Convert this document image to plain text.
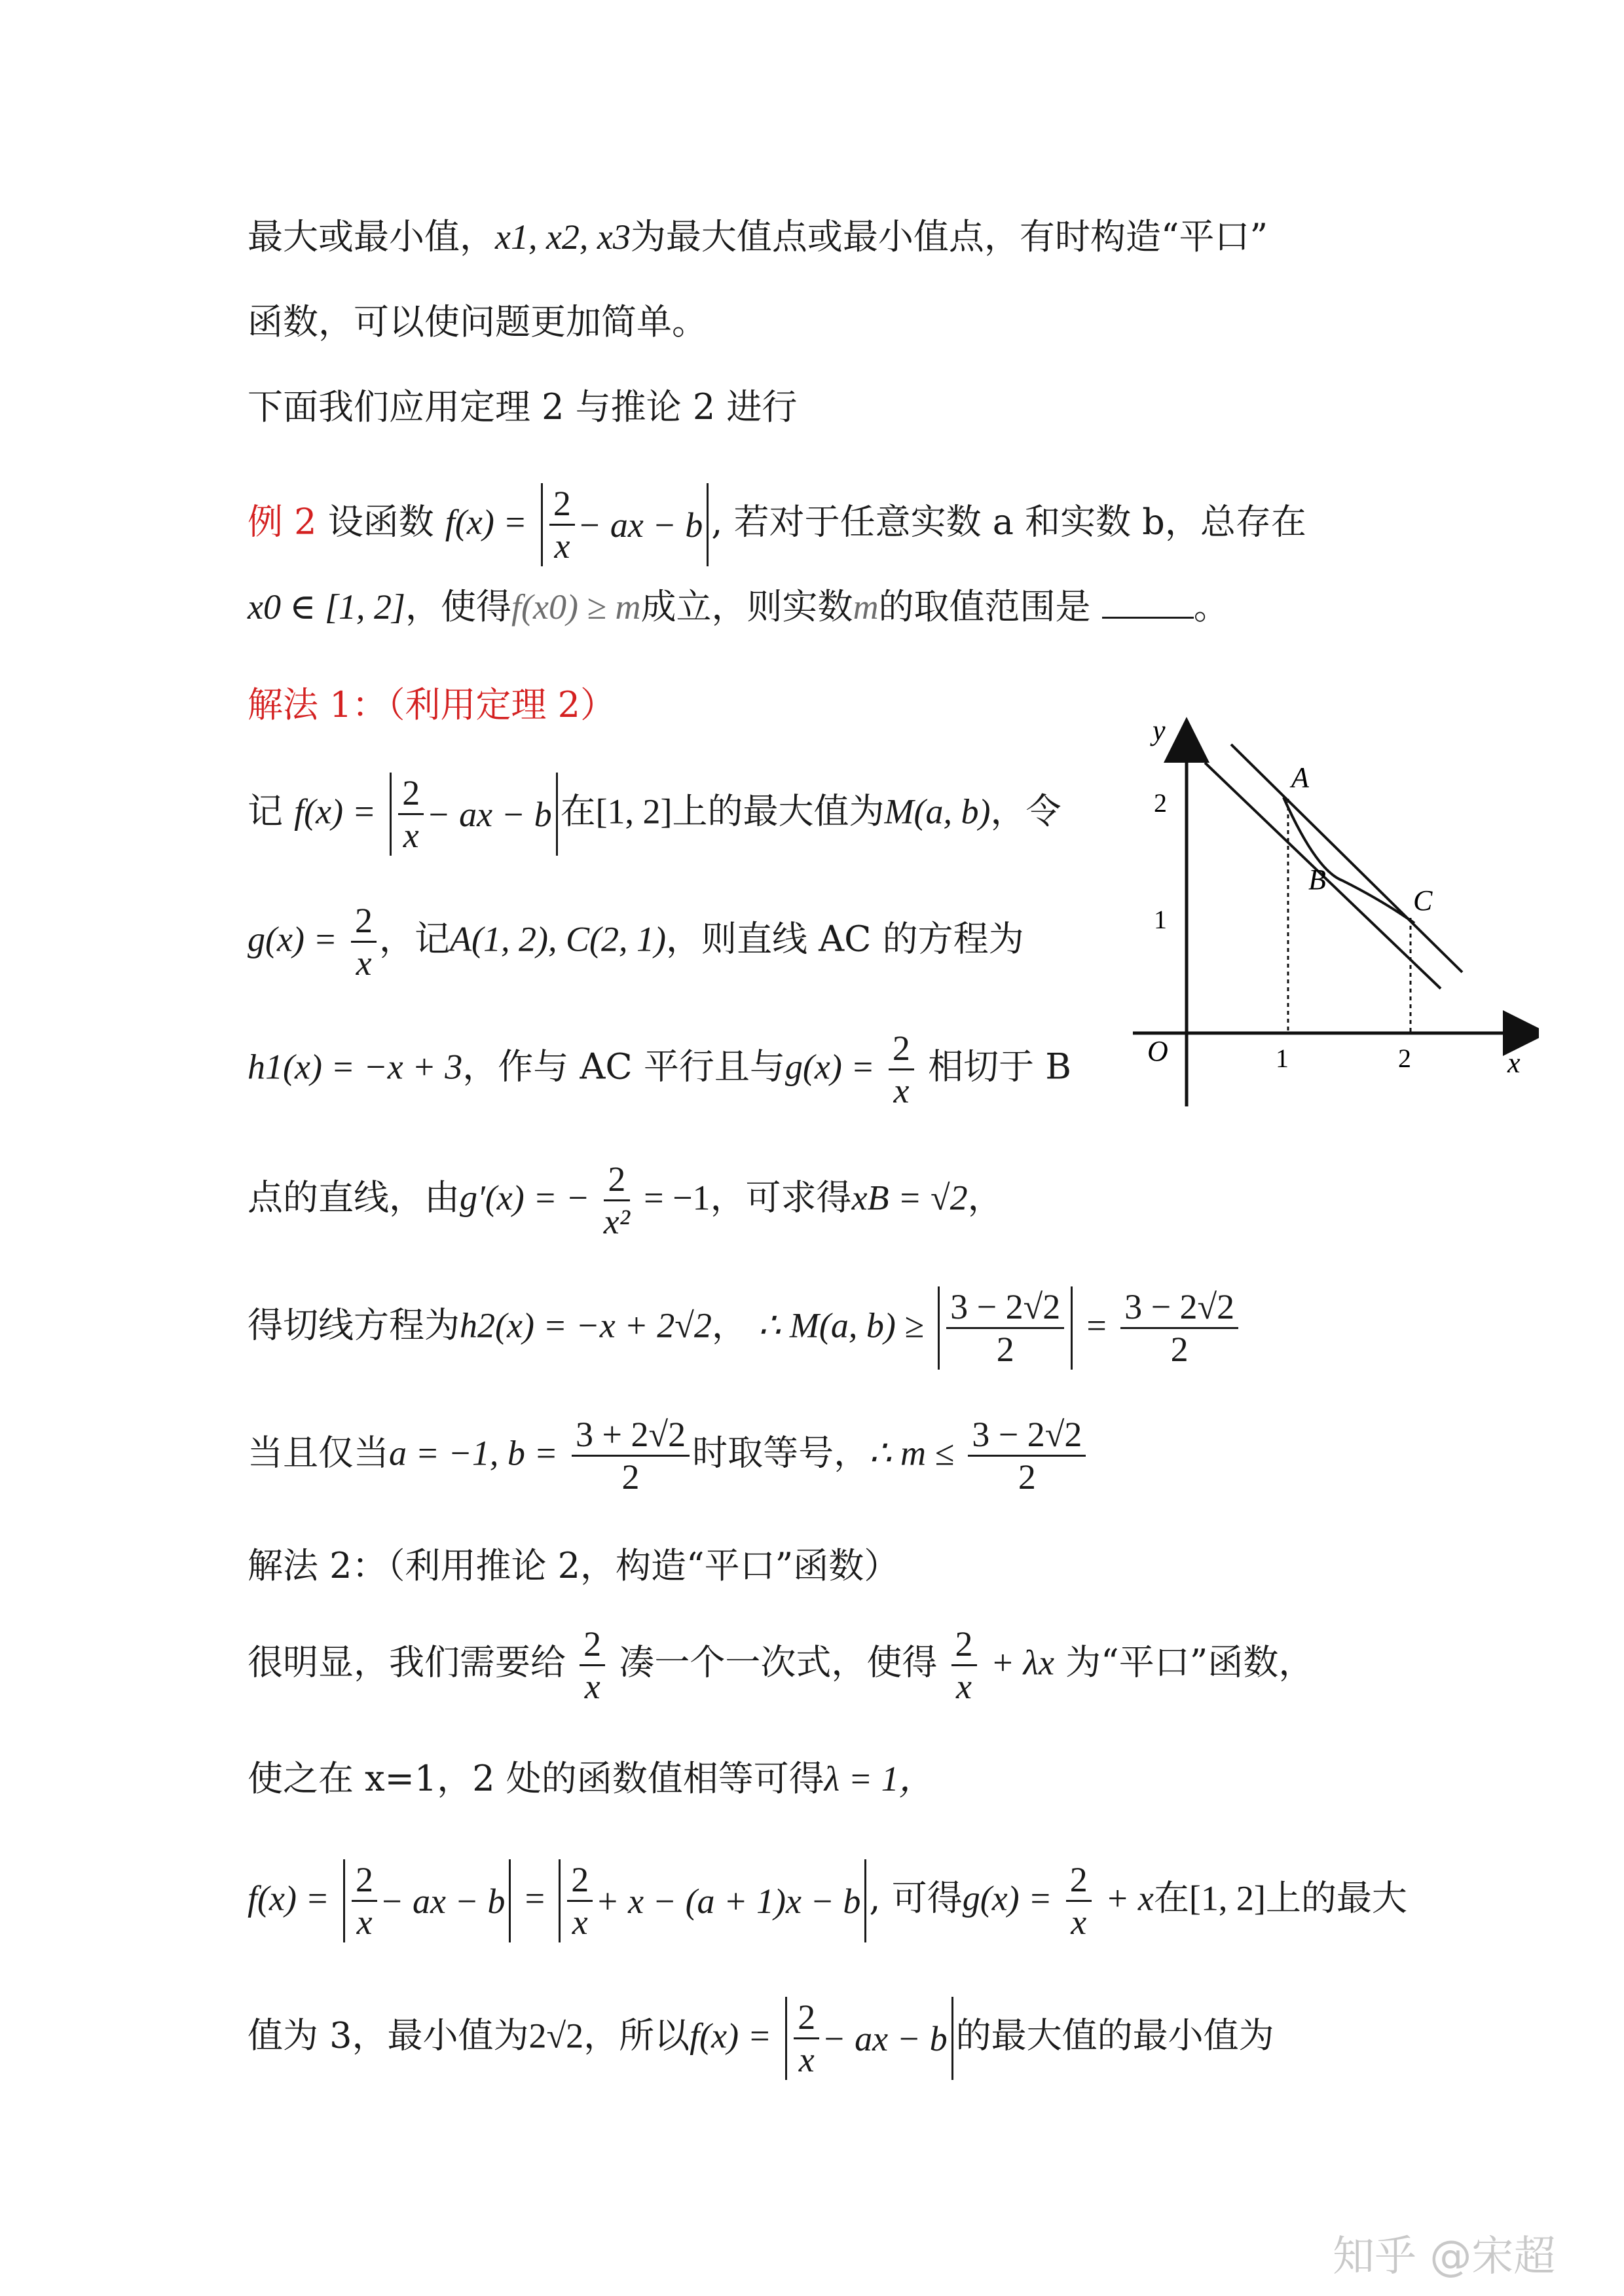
最大或最小值，x1, x2, x3为最大值点或最小值点，有时构造“平口”
函数，可以使问题更加简单。
下面我们应用定理 2 与推论 2 进行
例 2 设函数 $f(x) = \frac{2}{x}$ − ax − b , 若对于任意实数 a 和实数 b，总存在
x0 ∈ [1, 2]，使得f(x0) ≥ m成立，则实数m的取值范围是	。
解法 1：（利用定理 2）
记 $f(x) = \frac{2}{x}$ − ax − b 在[1, 2]上的最大值为M(a, b)，令
$g(x) = \frac{2}{x}$ ，记A(1, 2), C(2, 1)，则直线 AC 的方程为
h1(x) = −x + 3，作与 AC 平行且与$g(x) = \frac{2}{x}$ 相切于 B
点的直线，由g′(x) = − $\frac{2}{\text{x²}} = -1$，可求得xB = √2，
得切线方程为h2(x) = −x + 2√2， ∴ M(a, $b) \ge \frac{3 - 2√2}{2} = \frac{3 - 2√2}{2}$
当且仅当a = −1, $b = \frac{3 + 2√2}{2}$ 时取等号，∴ $m \le \frac{3 - 2√2}{2}$
解法 2：（利用推论 2，构造“平口”函数）
很明显，我们需要给 $\frac{2}{x}$ 凑一个一次式，使得 $\frac{2}{x} + \lambda x$ 为“平口”函数，
使之在 x=1，2 处的函数值相等可得λ = 1，
$f(x) = \frac{2}{x}$ − ax − $b = \frac{2}{x} + x - (a + 1)x - b$ , 可得$g(x) = \frac{2}{x} + x$在[1, 2]上的最大
值为 3，最小值为2√2，所以$f(x) = \frac{2}{x}$ − ax − b 的最大值的最小值为
y
x
O
2
1
1	2
A
B
C
知乎 @宋超
